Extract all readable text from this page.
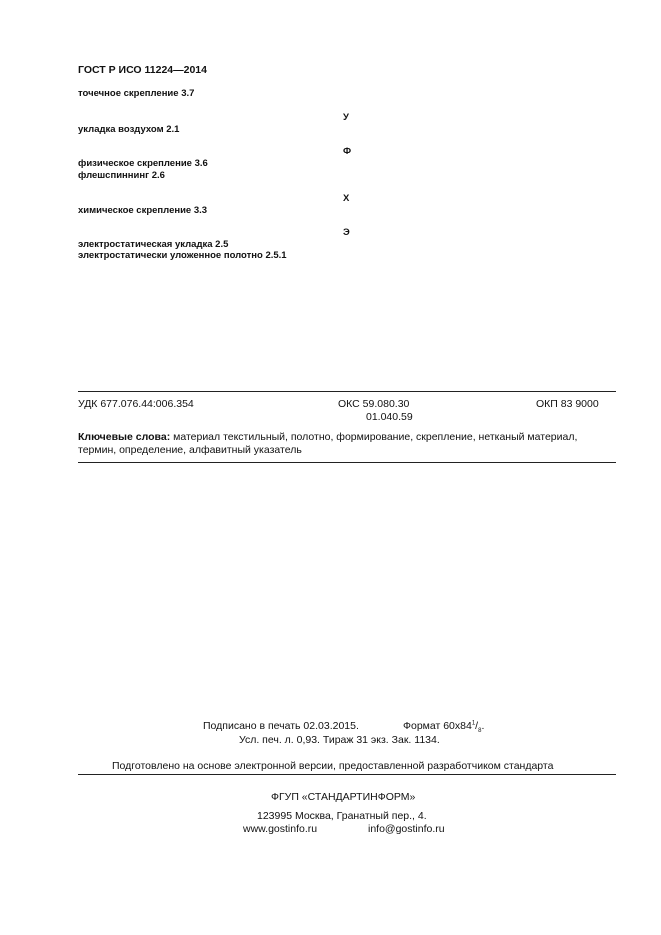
ГОСТ Р ИСО 11224—2014
точечное скрепление 3.7
У
укладка воздухом 2.1
Ф
физическое скрепление 3.6
флешспиннинг 2.6
Х
химическое скрепление 3.3
Э
электростатическая укладка 2.5
электростатически уложенное полотно 2.5.1
УДК 677.076.44:006.354	ОКС 59.080.30
01.040.59
ОКП 83 9000
Ключевые слова: материал текстильный, полотно, формирование, скрепление, нетканый материал,
термин, определение, алфавитный указатель
Подписано в печать 02.03.2015.	Формат $60x84^1/_8$.
Усл. печ. л. 0,93. Тираж 31 экз. Зак. 1134.
Подготовлено на основе электронной версии, предоставленной разработчиком стандарта
ФГУП «СТАНДАРТИНФОРМ»
123995 Москва, Гранатный пер., 4.
www.gostinfo.ru	info@gostinfo.ru
